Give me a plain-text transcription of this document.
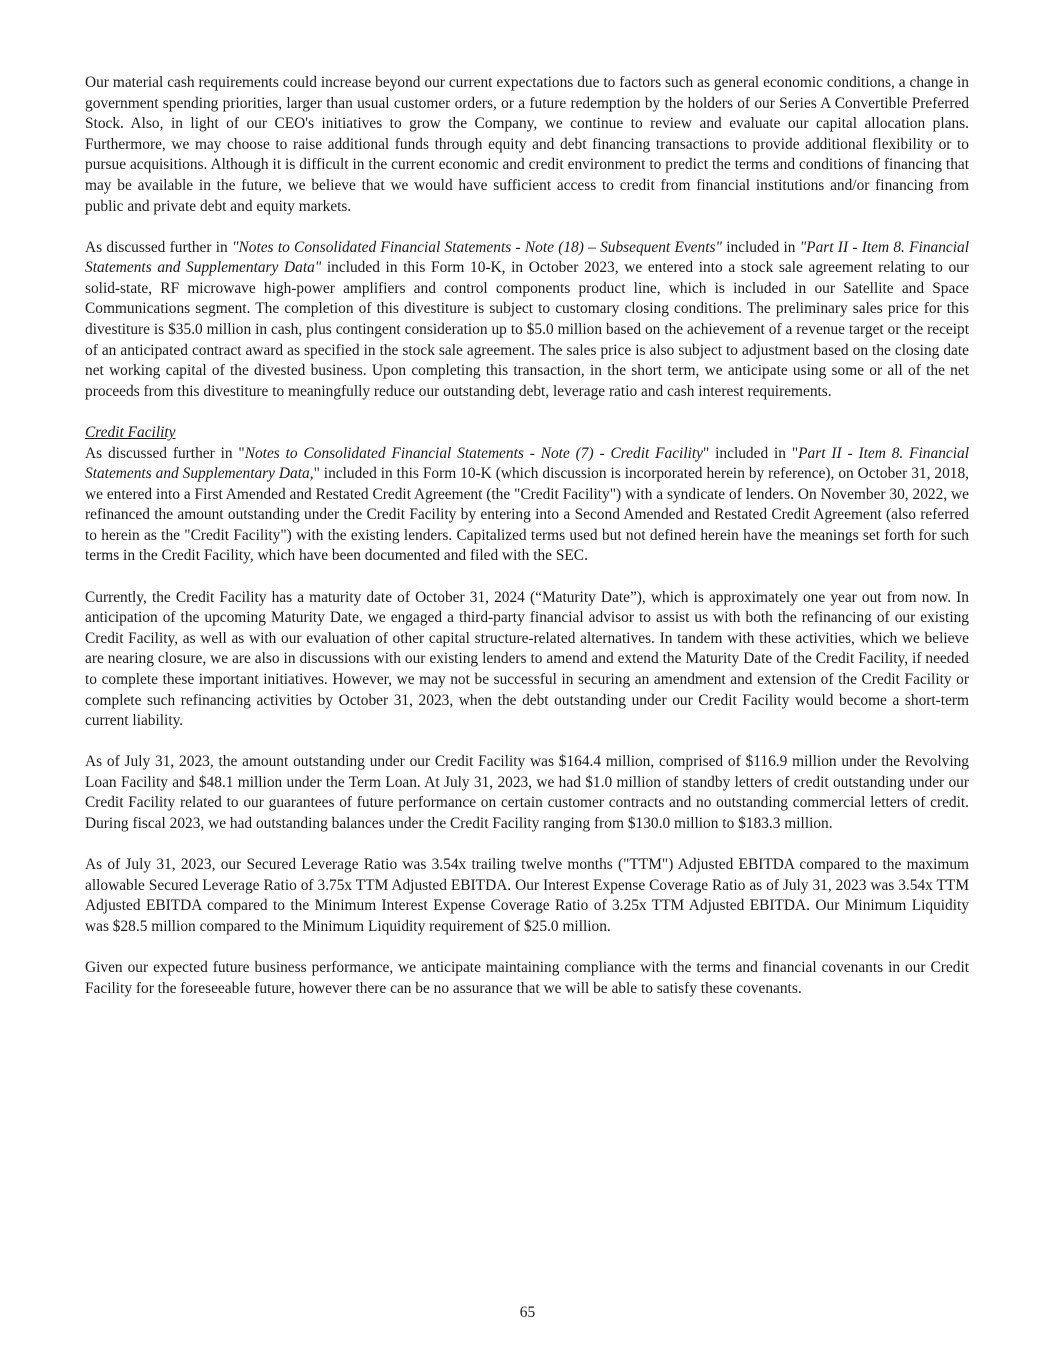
Our material cash requirements could increase beyond our current expectations due to factors such as general economic conditions, a change in government spending priorities, larger than usual customer orders, or a future redemption by the holders of our Series A Convertible Preferred Stock. Also, in light of our CEO's initiatives to grow the Company, we continue to review and evaluate our capital allocation plans. Furthermore, we may choose to raise additional funds through equity and debt financing transactions to provide additional flexibility or to pursue acquisitions. Although it is difficult in the current economic and credit environment to predict the terms and conditions of financing that may be available in the future, we believe that we would have sufficient access to credit from financial institutions and/or financing from public and private debt and equity markets.

As discussed further in "Notes to Consolidated Financial Statements - Note (18) – Subsequent Events" included in "Part II - Item 8. Financial Statements and Supplementary Data" included in this Form 10-K, in October 2023, we entered into a stock sale agreement relating to our solid-state, RF microwave high-power amplifiers and control components product line, which is included in our Satellite and Space Communications segment. The completion of this divestiture is subject to customary closing conditions. The preliminary sales price for this divestiture is $35.0 million in cash, plus contingent consideration up to $5.0 million based on the achievement of a revenue target or the receipt of an anticipated contract award as specified in the stock sale agreement. The sales price is also subject to adjustment based on the closing date net working capital of the divested business. Upon completing this transaction, in the short term, we anticipate using some or all of the net proceeds from this divestiture to meaningfully reduce our outstanding debt, leverage ratio and cash interest requirements.

Credit Facility

As discussed further in "Notes to Consolidated Financial Statements - Note (7) - Credit Facility" included in "Part II - Item 8. Financial Statements and Supplementary Data," included in this Form 10-K (which discussion is incorporated herein by reference), on October 31, 2018, we entered into a First Amended and Restated Credit Agreement (the "Credit Facility") with a syndicate of lenders. On November 30, 2022, we refinanced the amount outstanding under the Credit Facility by entering into a Second Amended and Restated Credit Agreement (also referred to herein as the "Credit Facility") with the existing lenders. Capitalized terms used but not defined herein have the meanings set forth for such terms in the Credit Facility, which have been documented and filed with the SEC.

Currently, the Credit Facility has a maturity date of October 31, 2024 (“Maturity Date”), which is approximately one year out from now. In anticipation of the upcoming Maturity Date, we engaged a third-party financial advisor to assist us with both the refinancing of our existing Credit Facility, as well as with our evaluation of other capital structure-related alternatives. In tandem with these activities, which we believe are nearing closure, we are also in discussions with our existing lenders to amend and extend the Maturity Date of the Credit Facility, if needed to complete these important initiatives. However, we may not be successful in securing an amendment and extension of the Credit Facility or complete such refinancing activities by October 31, 2023, when the debt outstanding under our Credit Facility would become a short-term current liability.

As of July 31, 2023, the amount outstanding under our Credit Facility was $164.4 million, comprised of $116.9 million under the Revolving Loan Facility and $48.1 million under the Term Loan. At July 31, 2023, we had $1.0 million of standby letters of credit outstanding under our Credit Facility related to our guarantees of future performance on certain customer contracts and no outstanding commercial letters of credit. During fiscal 2023, we had outstanding balances under the Credit Facility ranging from $130.0 million to $183.3 million.

As of July 31, 2023, our Secured Leverage Ratio was 3.54x trailing twelve months ("TTM") Adjusted EBITDA compared to the maximum allowable Secured Leverage Ratio of 3.75x TTM Adjusted EBITDA. Our Interest Expense Coverage Ratio as of July 31, 2023 was 3.54x TTM Adjusted EBITDA compared to the Minimum Interest Expense Coverage Ratio of 3.25x TTM Adjusted EBITDA. Our Minimum Liquidity was $28.5 million compared to the Minimum Liquidity requirement of $25.0 million.

Given our expected future business performance, we anticipate maintaining compliance with the terms and financial covenants in our Credit Facility for the foreseeable future, however there can be no assurance that we will be able to satisfy these covenants.

65
